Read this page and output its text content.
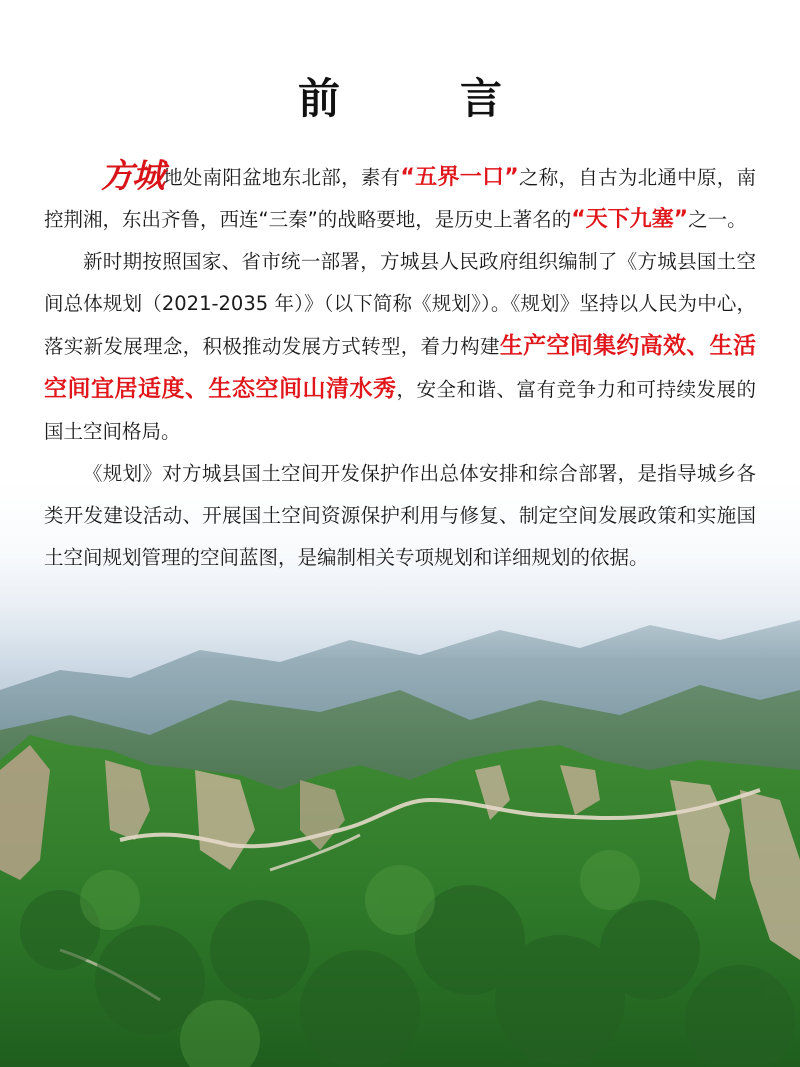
前	言

方城地处南阳盆地东北部，素有“五界一口”之称，自古为北通中原，南控荆湘，东出齐鲁，西连“三秦”的战略要地，是历史上著名的“天下九塞”之一。

新时期按照国家、省市统一部署，方城县人民政府组织编制了《方城县国土空间总体规划（2021-2035 年）》（以下简称《规划》）。《规划》坚持以人民为中心，落实新发展理念，积极推动发展方式转型，着力构建生产空间集约高效、生活空间宜居适度、生态空间山清水秀，安全和谐、富有竞争力和可持续发展的国土空间格局。

《规划》对方城县国土空间开发保护作出总体安排和综合部署，是指导城乡各类开发建设活动、开展国土空间资源保护利用与修复、制定空间发展政策和实施国土空间规划管理的空间蓝图，是编制相关专项规划和详细规划的依据。
